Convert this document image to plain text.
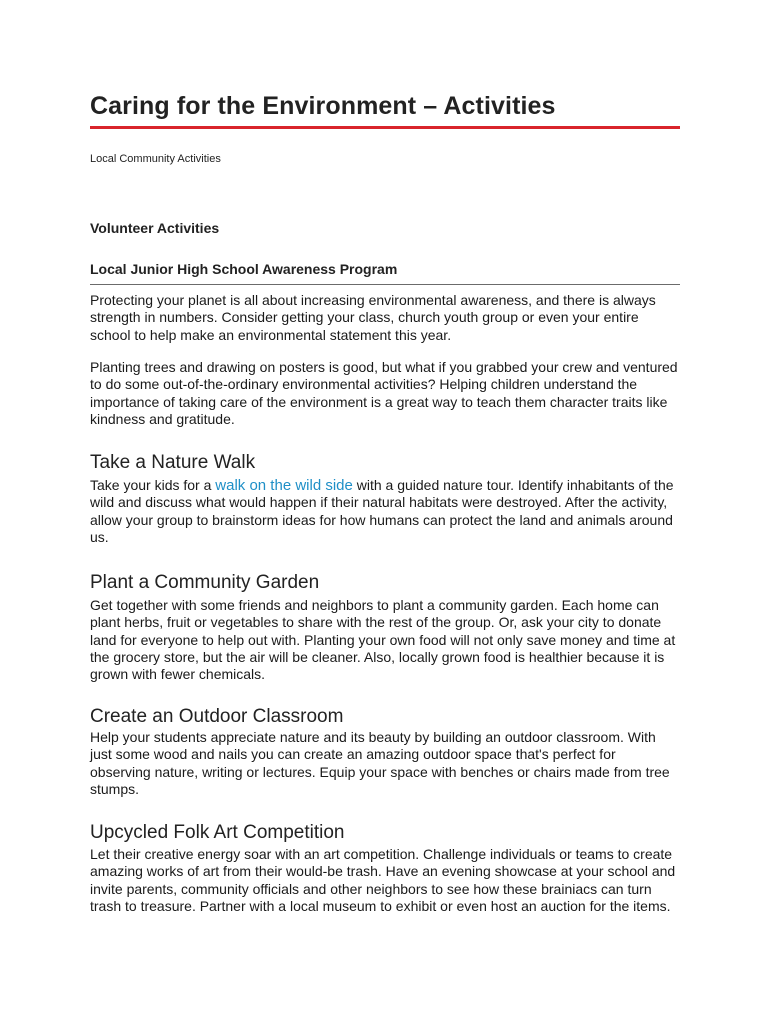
Caring for the Environment – Activities
Local Community Activities
Volunteer Activities
Local Junior High School Awareness Program

Protecting your planet is all about increasing environmental awareness, and there is always strength in numbers. Consider getting your class, church youth group or even your entire school to help make an environmental statement this year.

Planting trees and drawing on posters is good, but what if you grabbed your crew and ventured to do some out-of-the-ordinary environmental activities? Helping children understand the importance of taking care of the environment is a great way to teach them character traits like kindness and gratitude.

Take a Nature Walk

Take your kids for a walk on the wild side with a guided nature tour. Identify inhabitants of the wild and discuss what would happen if their natural habitats were destroyed. After the activity, allow your group to brainstorm ideas for how humans can protect the land and animals around us.

Plant a Community Garden

Get together with some friends and neighbors to plant a community garden. Each home can plant herbs, fruit or vegetables to share with the rest of the group. Or, ask your city to donate land for everyone to help out with. Planting your own food will not only save money and time at the grocery store, but the air will be cleaner. Also, locally grown food is healthier because it is grown with fewer chemicals.

Create an Outdoor Classroom

Help your students appreciate nature and its beauty by building an outdoor classroom. With just some wood and nails you can create an amazing outdoor space that's perfect for observing nature, writing or lectures. Equip your space with benches or chairs made from tree stumps.

Upcycled Folk Art Competition

Let their creative energy soar with an art competition. Challenge individuals or teams to create amazing works of art from their would-be trash. Have an evening showcase at your school and invite parents, community officials and other neighbors to see how these brainiacs can turn trash to treasure. Partner with a local museum to exhibit or even host an auction for the items.
